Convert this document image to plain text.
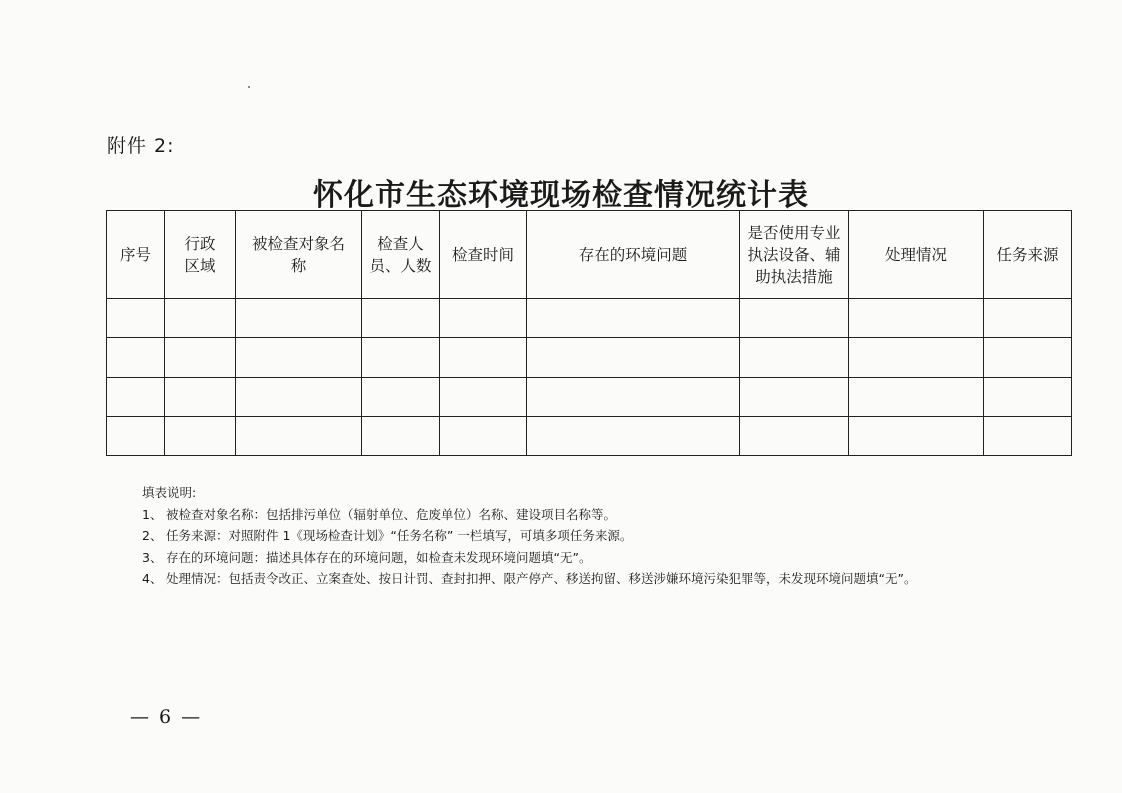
附件 2:
怀化市生态环境现场检查情况统计表
序号	行政区域	被检查对象名称	检查人员、人数	检查时间	存在的环境问题	是否使用专业执法设备、辅助执法措施	处理情况	任务来源

填表说明:
1、 被检查对象名称：包括排污单位（辐射单位、危废单位）名称、建设项目名称等。
2、 任务来源：对照附件 1《现场检查计划》“任务名称” 一栏填写，可填多项任务来源。
3、 存在的环境问题：描述具体存在的环境问题，如检查未发现环境问题填“无”。
4、 处理情况：包括责令改正、立案查处、按日计罚、查封扣押、限产停产、移送拘留、移送涉嫌环境污染犯罪等，未发现环境问题填“无”。
— 6 —
